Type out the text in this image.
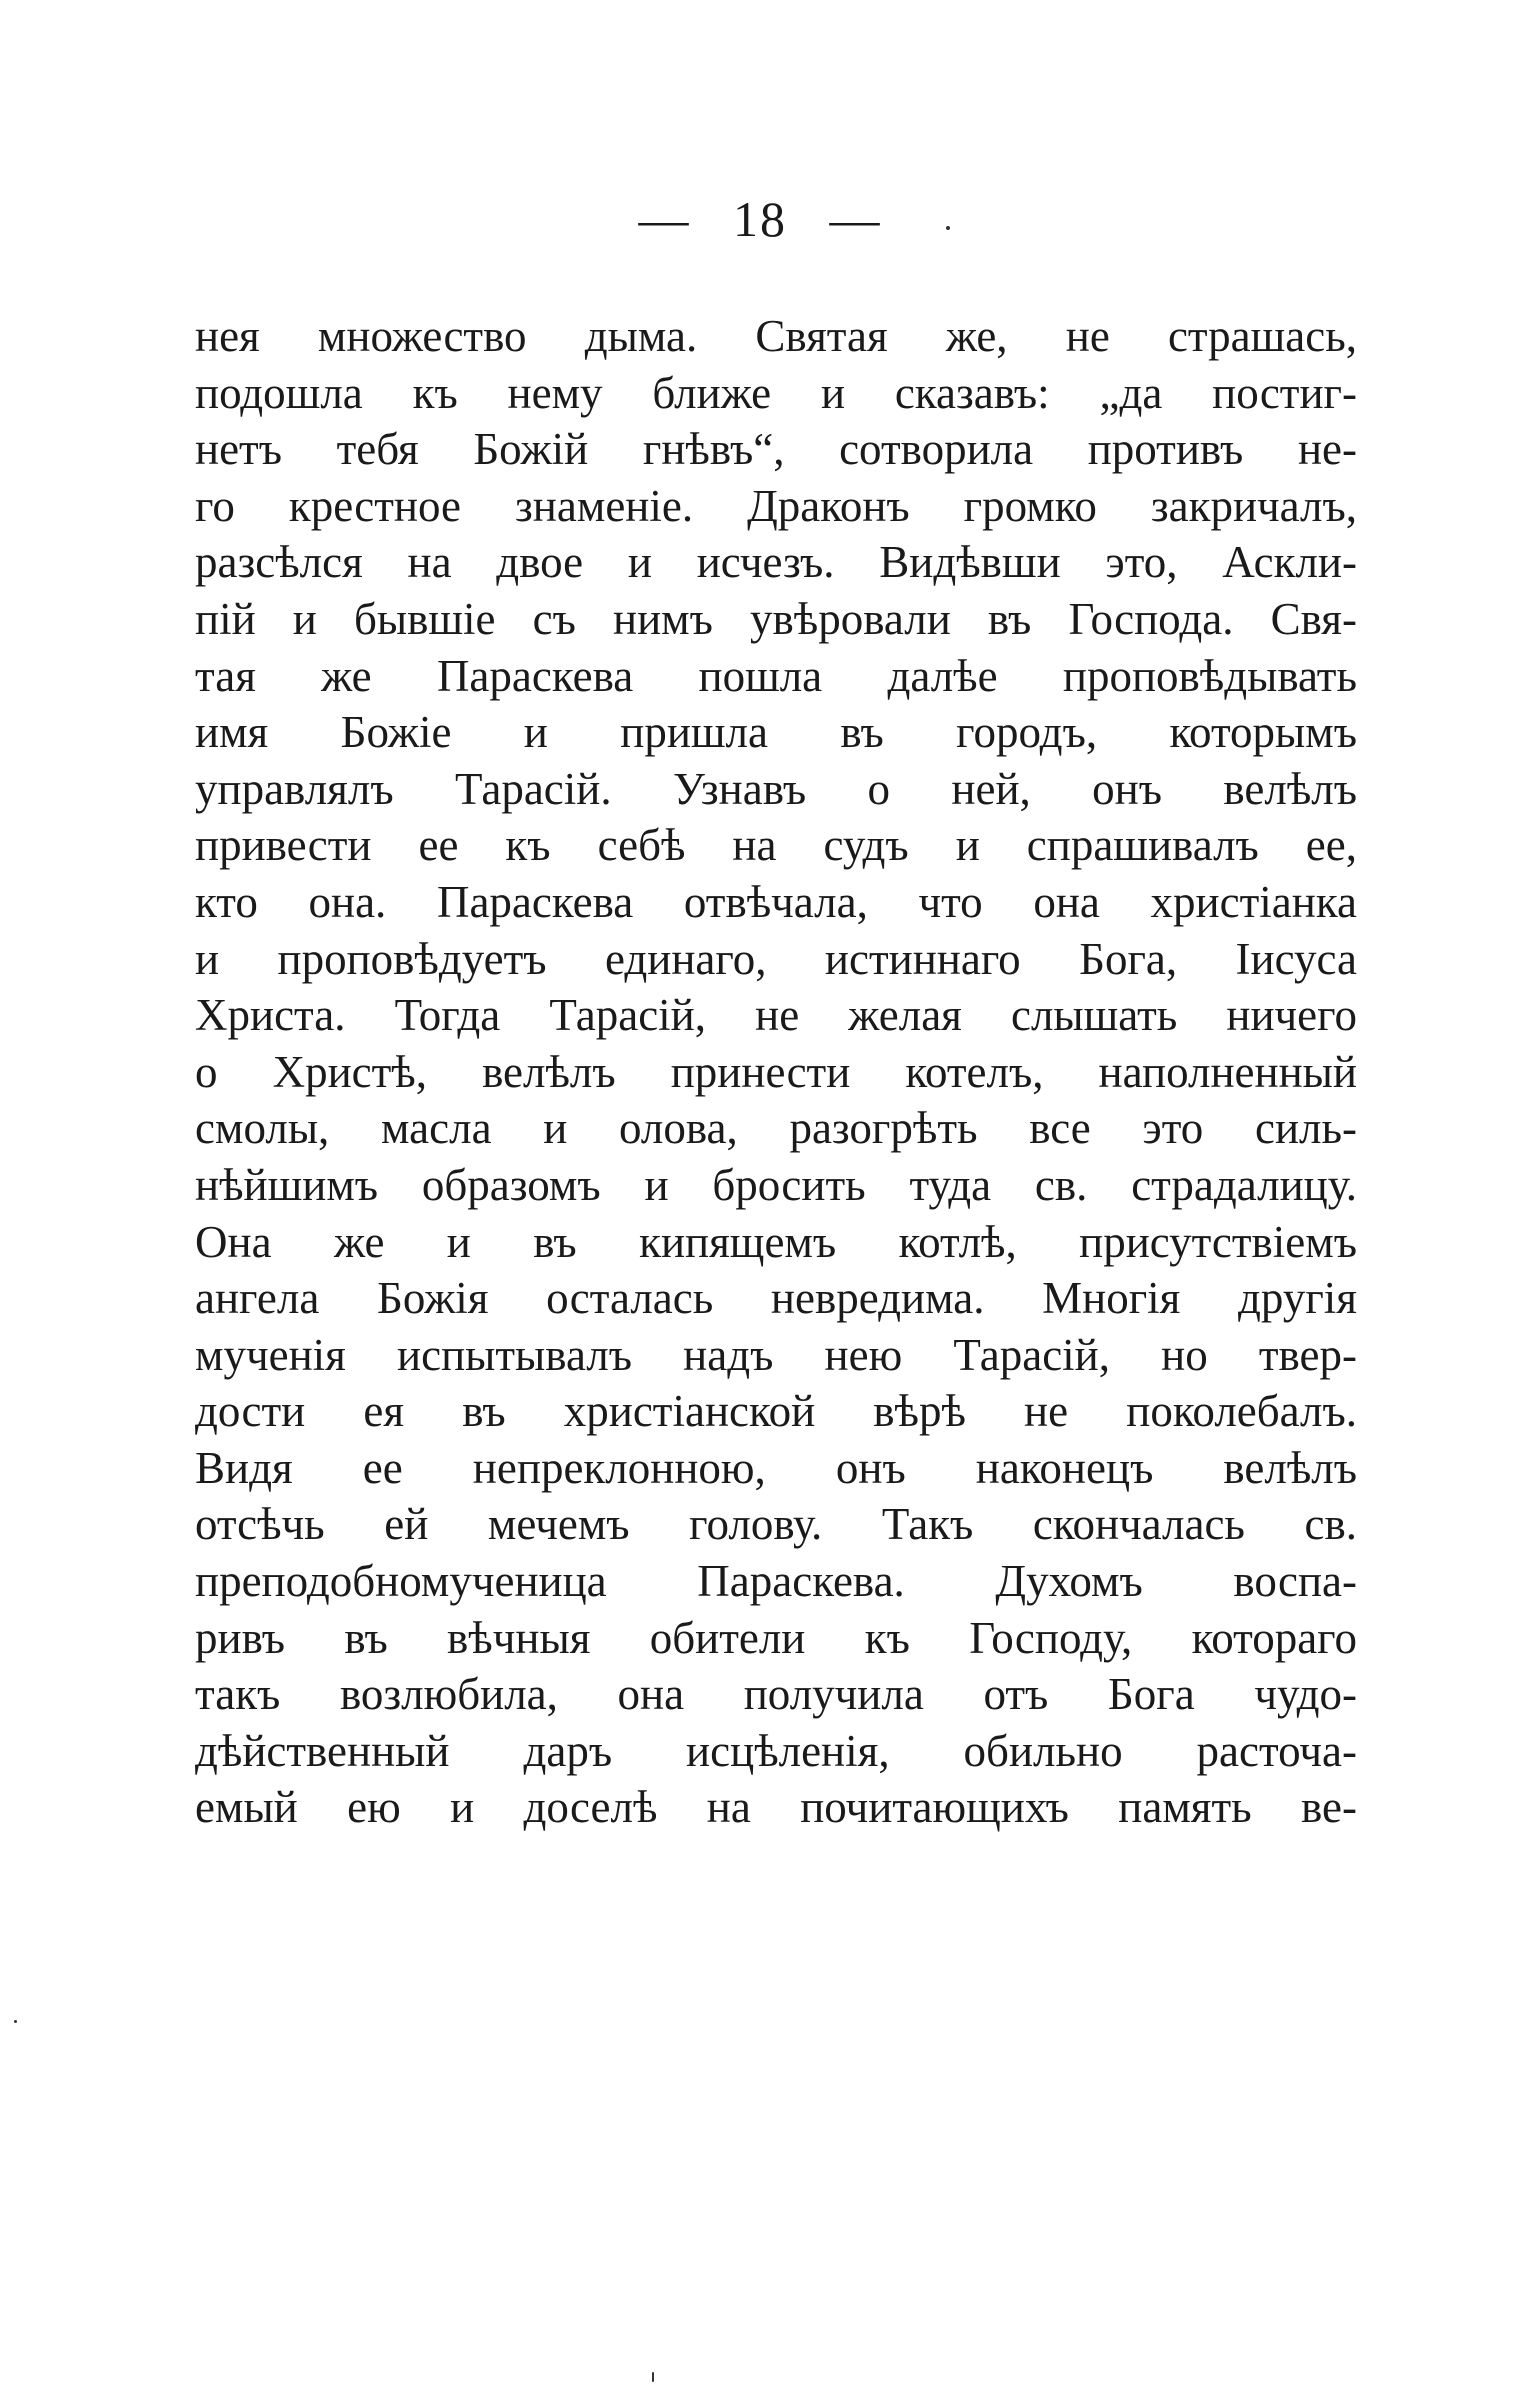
— 18 —
нея множество дыма. Святая же, не страшась,
подошла къ нему ближе и сказавъ: „да постиг-
нетъ тебя Божій гнѣвъ“, сотворила противъ не-
го крестное знаменіе. Драконъ громко закричалъ,
разсѣлся на двое и исчезъ. Видѣвши это, Аскли-
пій и бывшіе съ нимъ увѣровали въ Господа. Свя-
тая же Параскева пошла далѣе проповѣдывать
имя Божіе и пришла въ городъ, которымъ
управлялъ Тарасій. Узнавъ о ней, онъ велѣлъ
привести ее къ себѣ на судъ и спрашивалъ ее,
кто она. Параскева отвѣчала, что она христіанка
и проповѣдуетъ единаго, истиннаго Бога, Іисуса
Христа. Тогда Тарасій, не желая слышать ничего
о Христѣ, велѣлъ принести котелъ, наполненный
смолы, масла и олова, разогрѣть все это силь-
нѣйшимъ образомъ и бросить туда св. страдалицу.
Она же и въ кипящемъ котлѣ, присутствіемъ
ангела Божія осталась невредима. Многія другія
мученія испытывалъ надъ нею Тарасій, но твер-
дости ея въ христіанской вѣрѣ не поколебалъ.
Видя ее непреклонною, онъ наконецъ велѣлъ
отсѣчь ей мечемъ голову. Такъ скончалась св.
преподобномученица Параскева. Духомъ воспа-
ривъ въ вѣчныя обители къ Господу, котораго
такъ возлюбила, она получила отъ Бога чудо-
дѣйственный даръ исцѣленія, обильно расточа-
емый ею и доселѣ на почитающихъ память ве-
